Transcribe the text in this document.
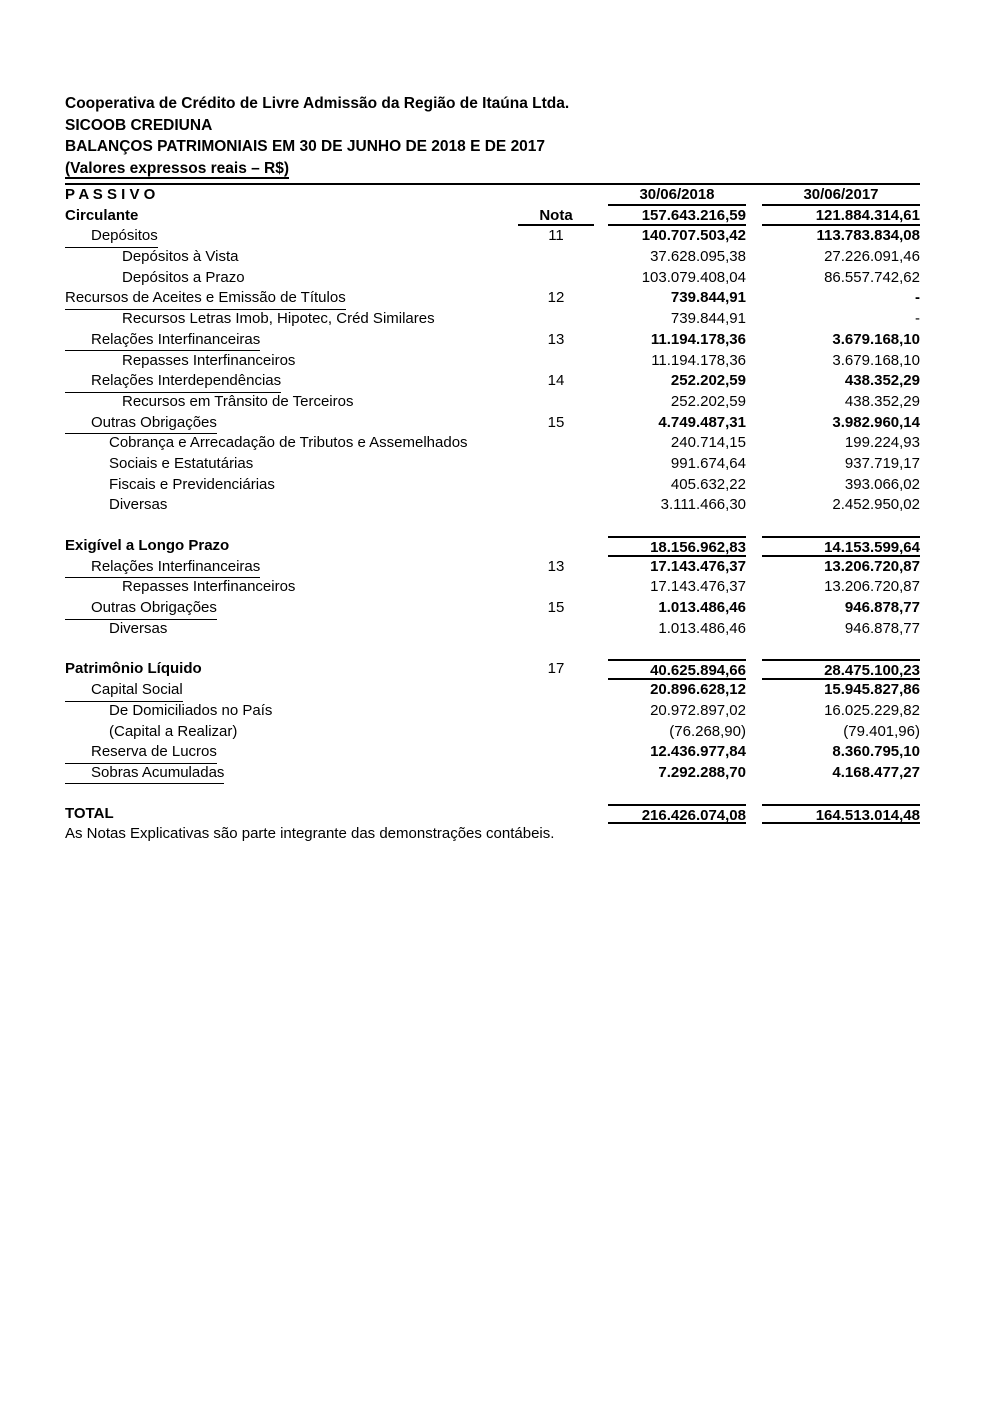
Cooperativa de Crédito de Livre Admissão da Região de Itaúna Ltda.
SICOOB CREDIUNA
BALANÇOS PATRIMONIAIS EM 30 DE JUNHO DE 2018 E DE 2017
(Valores expressos reais – R$)
P A S S I V O	30/06/2018	30/06/2017
Circulante	Nota	157.643.216,59	121.884.314,61
Depósitos	11	140.707.503,42	113.783.834,08
Depósitos à Vista	37.628.095,38	27.226.091,46
Depósitos a Prazo	103.079.408,04	86.557.742,62
Recursos de Aceites e Emissão de Títulos	12	739.844,91	-
Recursos Letras Imob, Hipotec, Créd Similares	739.844,91	-
Relações Interfinanceiras	13	11.194.178,36	3.679.168,10
Repasses Interfinanceiros	11.194.178,36	3.679.168,10
Relações Interdependências	14	252.202,59	438.352,29
Recursos em Trânsito de Terceiros	252.202,59	438.352,29
Outras Obrigações	15	4.749.487,31	3.982.960,14
Cobrança e Arrecadação de Tributos e Assemelhados	240.714,15	199.224,93
Sociais e Estatutárias	991.674,64	937.719,17
Fiscais e Previdenciárias	405.632,22	393.066,02
Diversas	3.111.466,30	2.452.950,02
Exigível a Longo Prazo	18.156.962,83	14.153.599,64
Relações Interfinanceiras	13	17.143.476,37	13.206.720,87
Repasses Interfinanceiros	17.143.476,37	13.206.720,87
Outras Obrigações	15	1.013.486,46	946.878,77
Diversas	1.013.486,46	946.878,77
Patrimônio Líquido	17	40.625.894,66	28.475.100,23
Capital Social	20.896.628,12	15.945.827,86
De Domiciliados no País	20.972.897,02	16.025.229,82
(Capital a Realizar)	(76.268,90)	(79.401,96)
Reserva de Lucros	12.436.977,84	8.360.795,10
Sobras Acumuladas	7.292.288,70	4.168.477,27
TOTAL	216.426.074,08	164.513.014,48
As Notas Explicativas são parte integrante das demonstrações contábeis.
